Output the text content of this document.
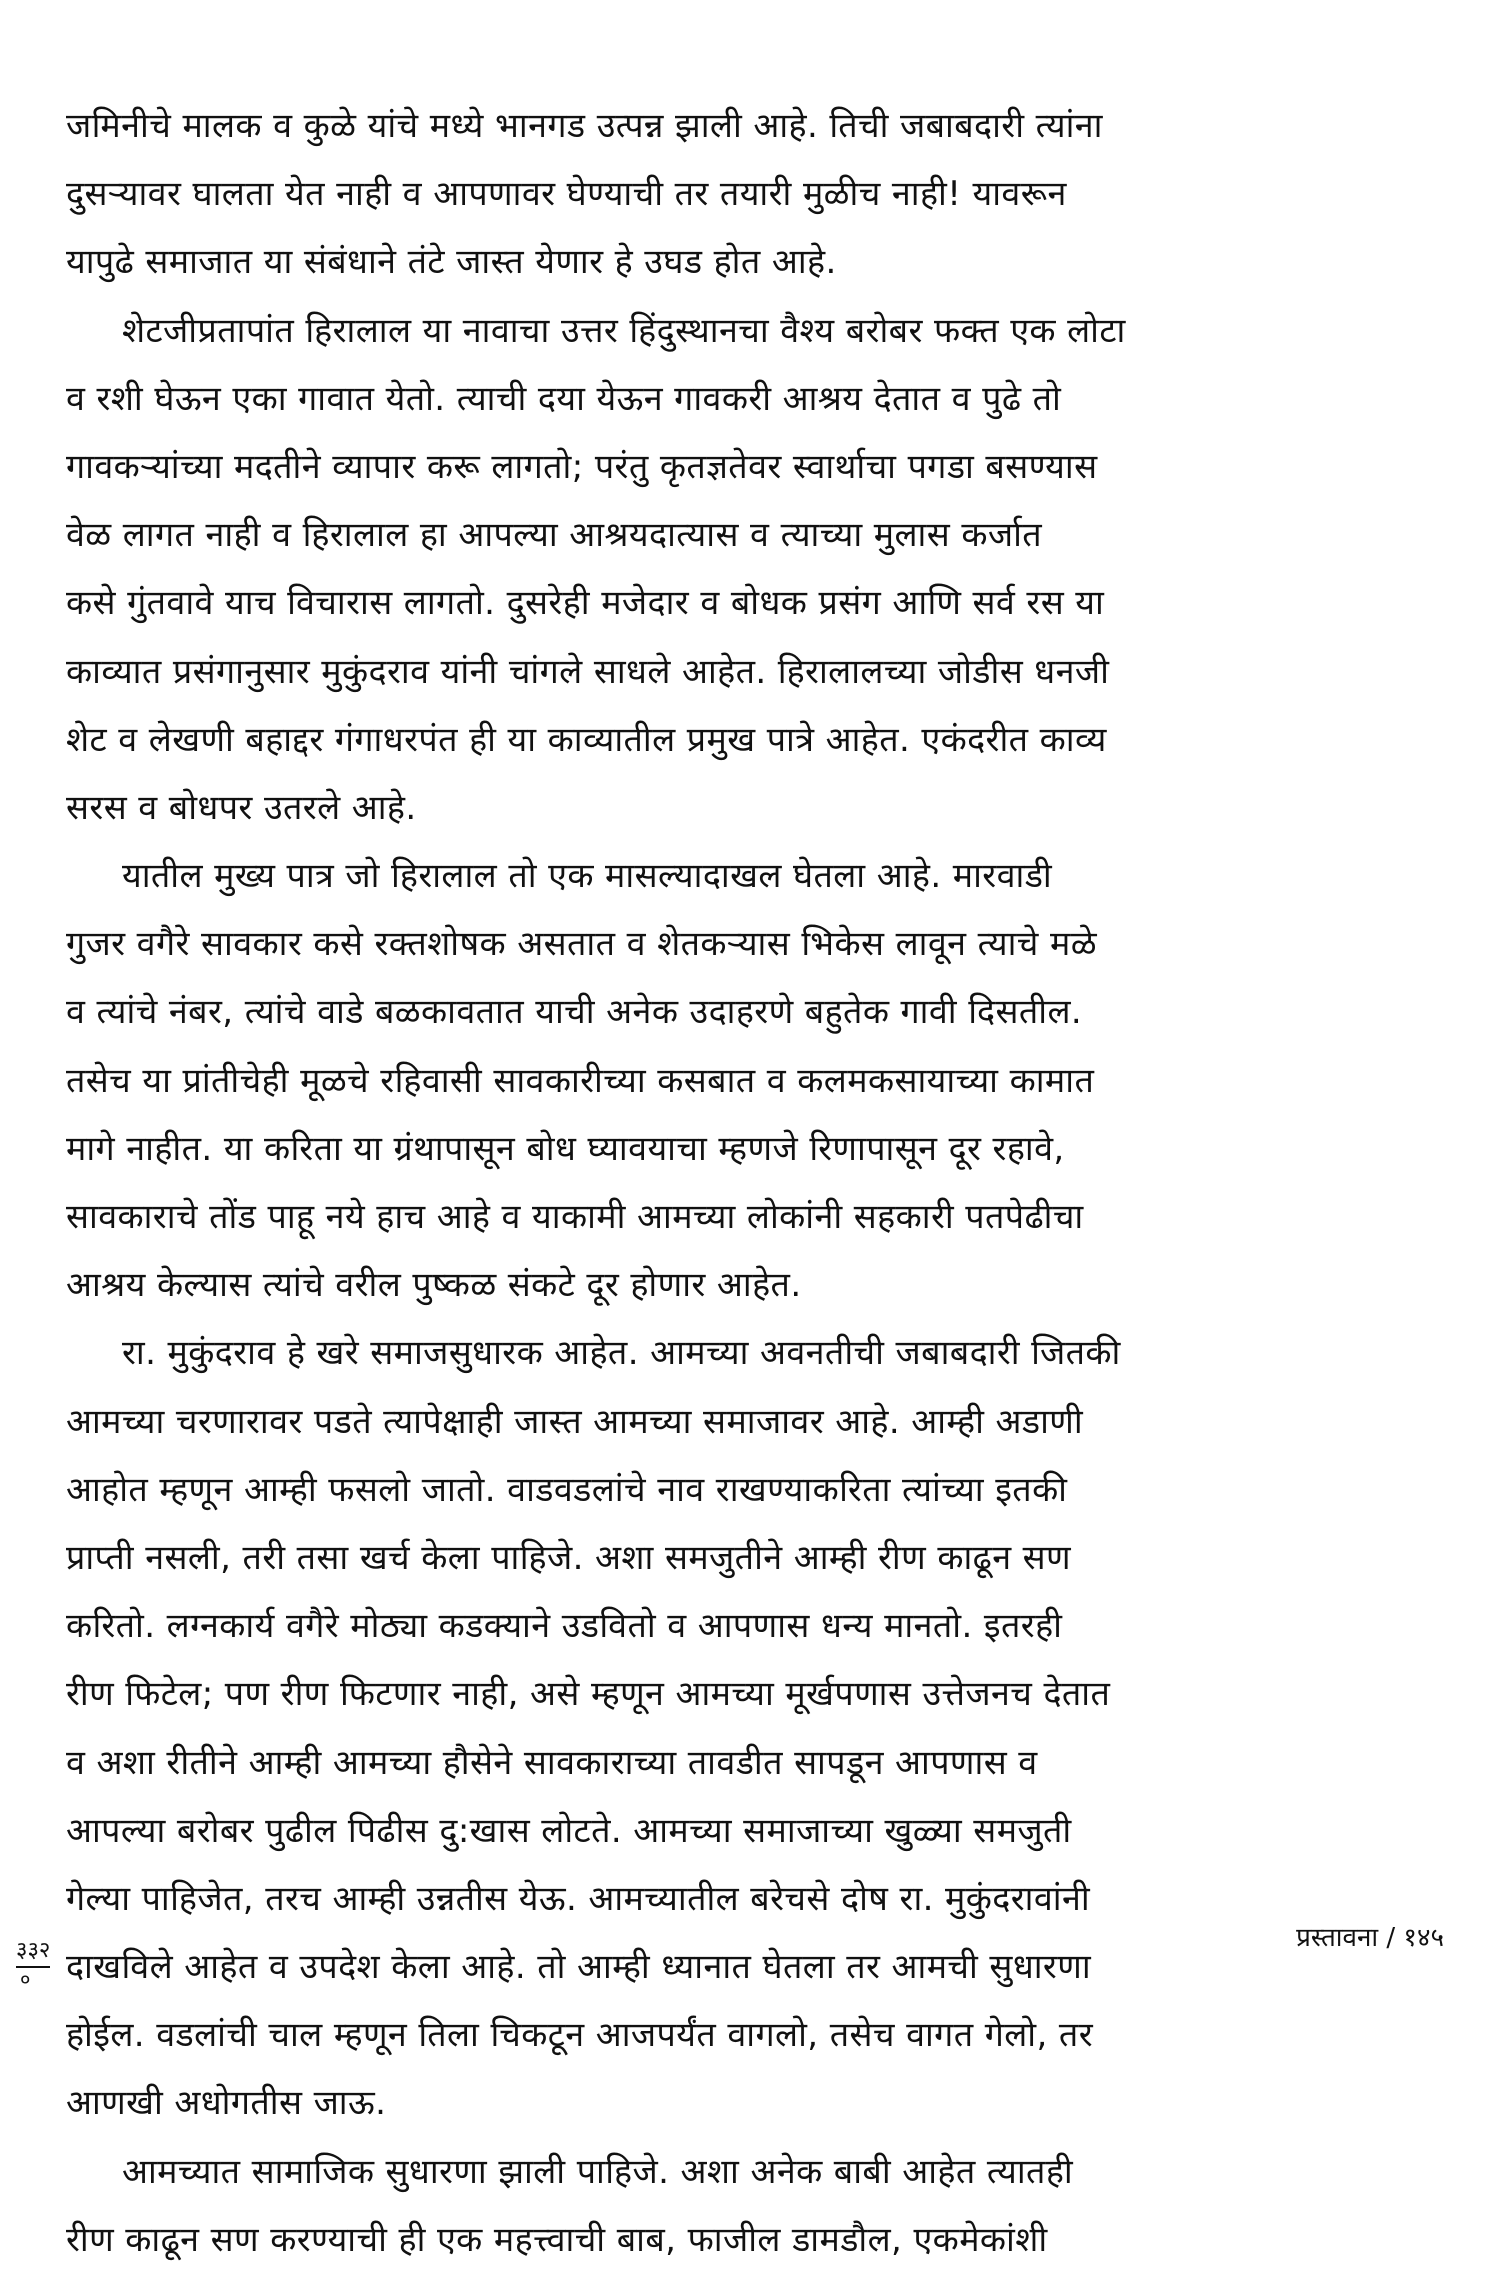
जमिनीचे मालक व कुळे यांचे मध्ये भानगड उत्पन्न झाली आहे. तिची जबाबदारी त्यांना
दुसऱ्यावर घालता येत नाही व आपणावर घेण्याची तर तयारी मुळीच नाही! यावरून
यापुढे समाजात या संबंधाने तंटे जास्त येणार हे उघड होत आहे.
शेटजीप्रतापांत हिरालाल या नावाचा उत्तर हिंदुस्थानचा वैश्य बरोबर फक्त एक लोटा
व रशी घेऊन एका गावात येतो. त्याची दया येऊन गावकरी आश्रय देतात व पुढे तो
गावकऱ्यांच्या मदतीने व्यापार करू लागतो; परंतु कृतज्ञतेवर स्वार्थाचा पगडा बसण्यास
वेळ लागत नाही व हिरालाल हा आपल्या आश्रयदात्यास व त्याच्या मुलास कर्जात
कसे गुंतवावे याच विचारास लागतो. दुसरेही मजेदार व बोधक प्रसंग आणि सर्व रस या
काव्यात प्रसंगानुसार मुकुंदराव यांनी चांगले साधले आहेत. हिरालालच्या जोडीस धनजी
शेट व लेखणी बहाद्दर गंगाधरपंत ही या काव्यातील प्रमुख पात्रे आहेत. एकंदरीत काव्य
सरस व बोधपर उतरले आहे.
यातील मुख्य पात्र जो हिरालाल तो एक मासल्यादाखल घेतला आहे. मारवाडी
गुजर वगैरे सावकार कसे रक्तशोषक असतात व शेतकऱ्यास भिकेस लावून त्याचे मळे
व त्यांचे नंबर, त्यांचे वाडे बळकावतात याची अनेक उदाहरणे बहुतेक गावी दिसतील.
तसेच या प्रांतीचेही मूळचे रहिवासी सावकारीच्या कसबात व कलमकसायाच्या कामात
मागे नाहीत. या करिता या ग्रंथापासून बोध घ्यावयाचा म्हणजे रिणापासून दूर रहावे,
सावकाराचे तोंड पाहू नये हाच आहे व याकामी आमच्या लोकांनी सहकारी पतपेढीचा
आश्रय केल्यास त्यांचे वरील पुष्कळ संकटे दूर होणार आहेत.
रा. मुकुंदराव हे खरे समाजसुधारक आहेत. आमच्या अवनतीची जबाबदारी जितकी
आमच्या चरणारावर पडते त्यापेक्षाही जास्त आमच्या समाजावर आहे. आम्ही अडाणी
आहोत म्हणून आम्ही फसलो जातो. वाडवडलांचे नाव राखण्याकरिता त्यांच्या इतकी
प्राप्ती नसली, तरी तसा खर्च केला पाहिजे. अशा समजुतीने आम्ही रीण काढून सण
करितो. लग्नकार्य वगैरे मोठ्या कडक्याने उडवितो व आपणास धन्य मानतो. इतरही
रीण फिटेल; पण रीण फिटणार नाही, असे म्हणून आमच्या मूर्खपणास उत्तेजनच देतात
व अशा रीतीने आम्ही आमच्या हौसेने सावकाराच्या तावडीत सापडून आपणास व
आपल्या बरोबर पुढील पिढीस दु:खास लोटते. आमच्या समाजाच्या खुळ्या समजुती
गेल्या पाहिजेत, तरच आम्ही उन्नतीस येऊ. आमच्यातील बरेचसे दोष रा. मुकुंदरावांनी
दाखविले आहेत व उपदेश केला आहे. तो आम्ही ध्यानात घेतला तर आमची सुधारणा
होईल. वडलांची चाल म्हणून तिला चिकटून आजपर्यंत वागलो, तसेच वागत गेलो, तर
आणखी अधोगतीस जाऊ.
आमच्यात सामाजिक सुधारणा झाली पाहिजे. अशा अनेक बाबी आहेत त्यातही
रीण काढून सण करण्याची ही एक महत्त्वाची बाब, फाजील डामडौल, एकमेकांशी
प्रस्तावना / १४५
३३२
०
